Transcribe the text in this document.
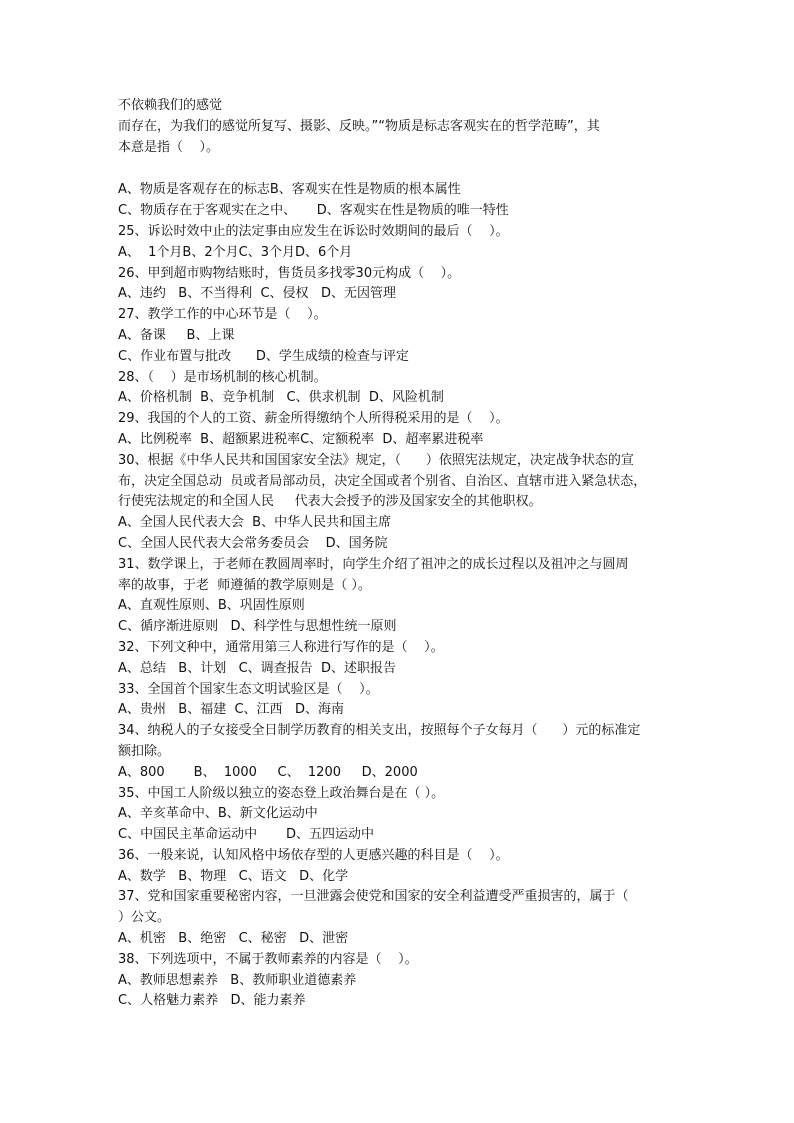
不依赖我们的感觉
而存在，为我们的感觉所复写、摄影、反映。”“物质是标志客观实在的哲学范畴”，其
本意是指（    ）。
A、物质是客观存在的标志B、客观实在性是物质的根本属性
C、物质存在于客观实在之中、     D、客观实在性是物质的唯一特性
25、诉讼时效中止的法定事由应发生在诉讼时效期间的最后（    ）。
A、  1个月B、2个月C、3个月D、6个月
26、甲到超市购物结账时，售货员多找零30元构成（    ）。
A、违约   B、不当得利  C、侵权   D、无因管理
27、教学工作的中心环节是（    ）。
A、备课     B、上课
C、作业布置与批改      D、学生成绩的检查与评定
28、（    ）是市场机制的核心机制。
A、价格机制  B、竞争机制   C、供求机制  D、风险机制
29、我国的个人的工资、薪金所得缴纳个人所得税采用的是（    ）。
A、比例税率  B、超额累进税率C、定额税率  D、超率累进税率
30、根据《中华人民共和国国家安全法》规定，（      ）依照宪法规定，决定战争状态的宣
布，决定全国总动  员或者局部动员，决定全国或者个别省、自治区、直辖市进入紧急状态，
行使宪法规定的和全国人民     代表大会授予的涉及国家安全的其他职权。
A、全国人民代表大会  B、中华人民共和国主席
C、全国人民代表大会常务委员会    D、国务院
31、数学课上，于老师在教圆周率时，向学生介绍了祖冲之的成长过程以及祖冲之与圆周
率的故事，于老  师遵循的教学原则是（ ）。
A、直观性原则、B、巩固性原则
C、循序渐进原则   D、科学性与思想性统一原则
32、下列文种中，通常用第三人称进行写作的是（    ）。
A、总结   B、计划   C、调查报告  D、述职报告
33、全国首个国家生态文明试验区是（    ）。
A、贵州   B、福建  C、江西   D、海南
34、纳税人的子女接受全日制学历教育的相关支出，按照每个子女每月（      ）元的标准定
额扣除。
A、800       B、  1000     C、  1200     D、2000
35、中国工人阶级以独立的姿态登上政治舞台是在（ ）。
A、辛亥革命中、B、新文化运动中
C、中国民主革命运动中       D、五四运动中
36、一般来说，认知风格中场依存型的人更感兴趣的科目是（    ）。
A、数学   B、物理   C、语文   D、化学
37、党和国家重要秘密内容，一旦泄露会使党和国家的安全利益遭受严重损害的，属于（
）公文。
A、机密   B、绝密   C、秘密   D、泄密
38、下列选项中，不属于教师素养的内容是（    ）。
A、教师思想素养   B、教师职业道德素养
C、人格魅力素养   D、能力素养
